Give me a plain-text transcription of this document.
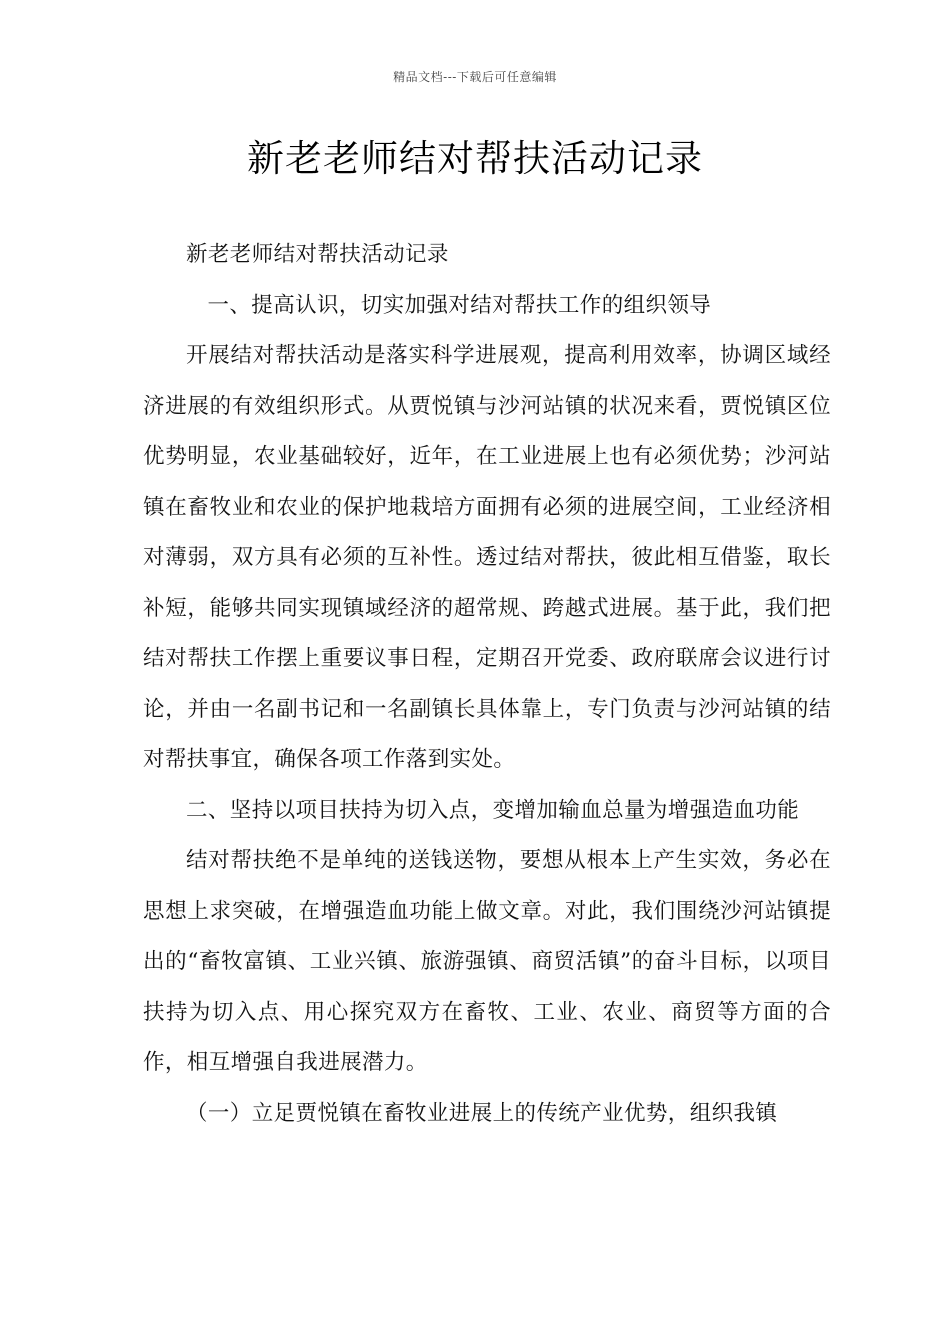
精品文档---下载后可任意编辑
新老老师结对帮扶活动记录

新老老师结对帮扶活动记录

一、提高认识，切实加强对结对帮扶工作的组织领导

开展结对帮扶活动是落实科学进展观，提高利用效率，协调区域经济进展的有效组织形式。从贾悦镇与沙河站镇的状况来看，贾悦镇区位优势明显，农业基础较好，近年，在工业进展上也有必须优势；沙河站镇在畜牧业和农业的保护地栽培方面拥有必须的进展空间，工业经济相对薄弱，双方具有必须的互补性。透过结对帮扶，彼此相互借鉴，取长补短，能够共同实现镇域经济的超常规、跨越式进展。基于此，我们把结对帮扶工作摆上重要议事日程，定期召开党委、政府联席会议进行讨论，并由一名副书记和一名副镇长具体靠上，专门负责与沙河站镇的结对帮扶事宜，确保各项工作落到实处。

二、坚持以项目扶持为切入点，变增加输血总量为增强造血功能

结对帮扶绝不是单纯的送钱送物，要想从根本上产生实效，务必在思想上求突破，在增强造血功能上做文章。对此，我们围绕沙河站镇提出的“畜牧富镇、工业兴镇、旅游强镇、商贸活镇”的奋斗目标，以项目扶持为切入点、用心探究双方在畜牧、工业、农业、商贸等方面的合作，相互增强自我进展潜力。

（一）立足贾悦镇在畜牧业进展上的传统产业优势，组织我镇
